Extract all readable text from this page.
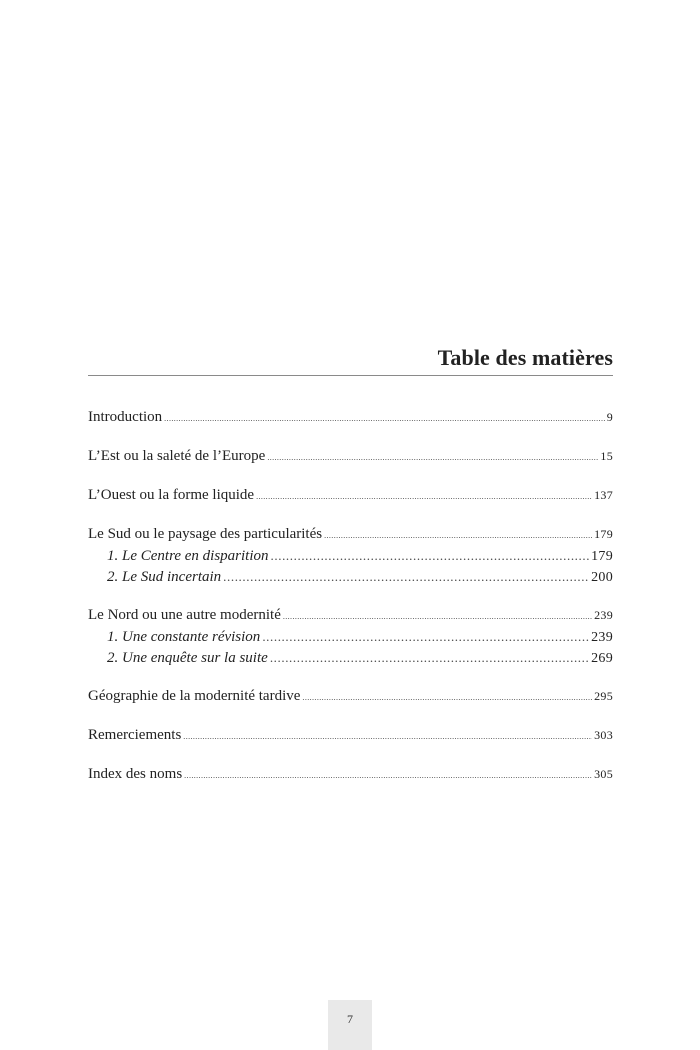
Table des matières
Introduction .....	9
L’Est ou la saleté de l’Europe .....	15
L’Ouest ou la forme liquide .....	137
Le Sud ou le paysage des particularités .....	179
1. Le Centre en disparition .....	179
2. Le Sud incertain .....	200
Le Nord ou une autre modernité .....	239
1. Une constante révision .....	239
2. Une enquête sur la suite .....	269
Géographie de la modernité tardive .....	295
Remerciements .....	303
Index des noms .....	305
7
